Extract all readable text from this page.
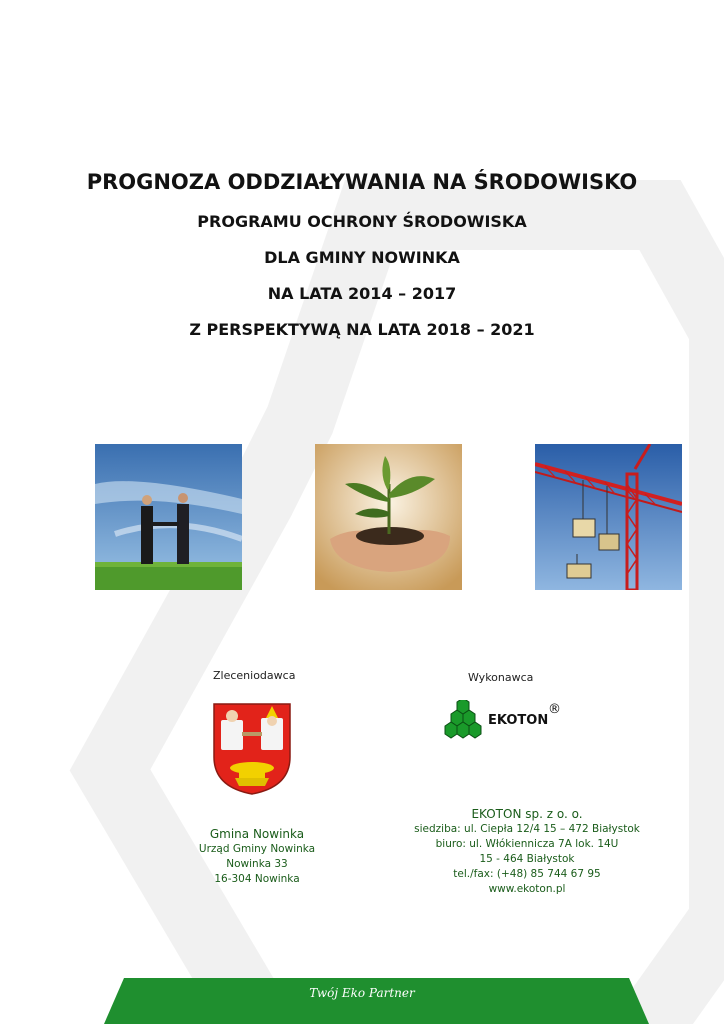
PROGNOZA ODDZIAŁYWANIA NA ŚRODOWISKO
PROGRAMU OCHRONY ŚRODOWISKA
DLA GMINY NOWINKA
NA LATA 2014 – 2017
Z PERSPEKTYWĄ NA LATA 2018 – 2021
Zleceniodawca	Wykonawca
EKOTON
®
Gmina Nowinka
Urząd Gminy Nowinka
Nowinka 33
16-304 Nowinka
EKOTON sp. z o. o.
siedziba: ul. Ciepła 12/4 15 – 472 Białystok
biuro: ul. Włókiennicza 7A lok. 14U
15 - 464 Białystok
tel./fax: (+48) 85 744 67 95
www.ekoton.pl
Twój Eko Partner
